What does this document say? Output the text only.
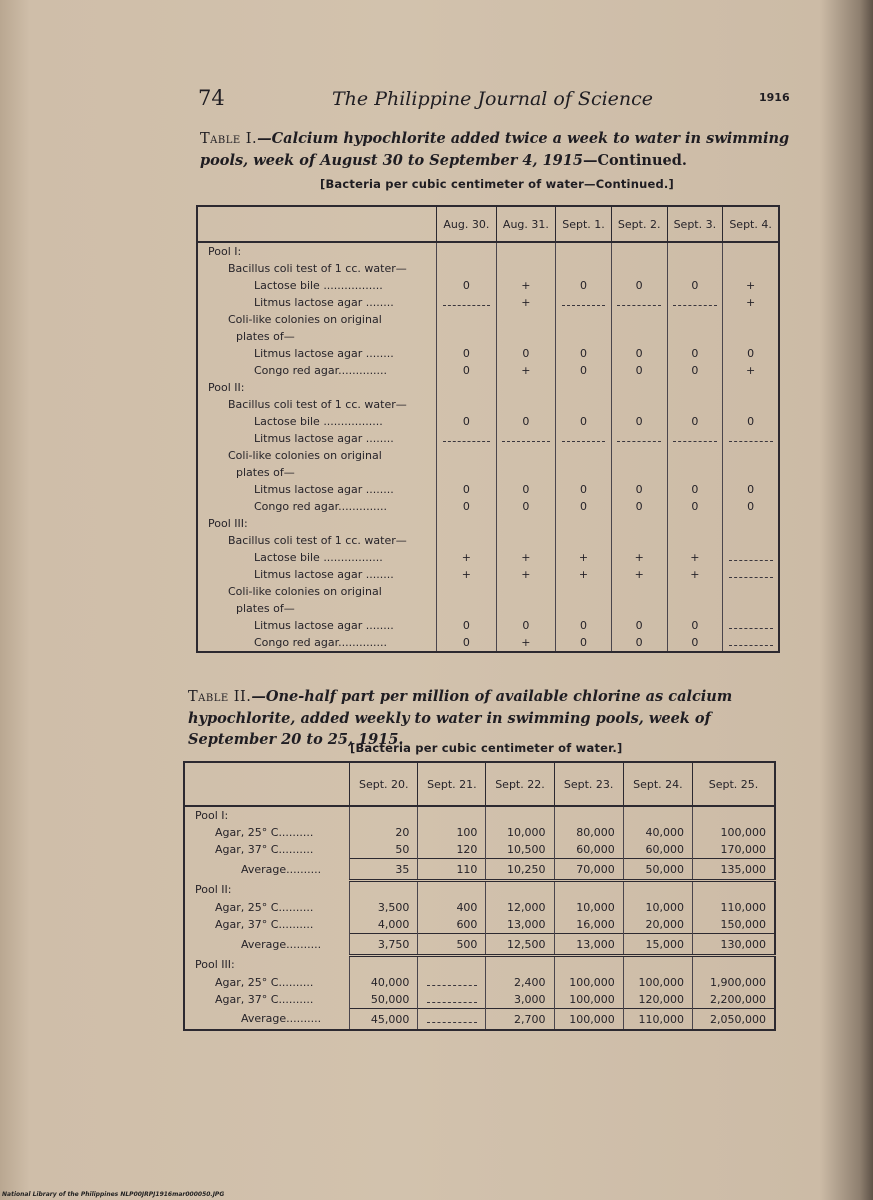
74	The Philippine Journal of Science	1916
Table I.—Calcium hypochlorite added twice a week to water in swimming pools, week of August 30 to September 4, 1915—Continued.
[Bacteria per cubic centimeter of water—Continued.]
	Aug. 30.	Aug. 31.	Sept. 1.	Sept. 2.	Sept. 3.	Sept. 4.
Pool I:						
Bacillus coli test of 1 cc. water—						
Lactose bile .................	0	+	0	0	0	+
Litmus lactose agar ........		+				+
Coli-like colonies on original						
plates of—						
Litmus lactose agar ........	0	0	0	0	0	0
Congo red agar..............	0	+	0	0	0	+
Pool II:						
Bacillus coli test of 1 cc. water—						
Lactose bile .................	0	0	0	0	0	0
Litmus lactose agar ........						
Coli-like colonies on original						
plates of—						
Litmus lactose agar ........	0	0	0	0	0	0
Congo red agar..............	0	0	0	0	0	0
Pool III:						
Bacillus coli test of 1 cc. water—						
Lactose bile .................	+	+	+	+	+	
Litmus lactose agar ........	+	+	+	+	+	
Coli-like colonies on original						
plates of—						
Litmus lactose agar ........	0	0	0	0	0	
Congo red agar..............	0	+	0	0	0	
Table II.—One-half part per million of available chlorine as calcium hypochlorite, added weekly to water in swimming pools, week of September 20 to 25, 1915.
[Bacteria per cubic centimeter of water.]
	Sept. 20.	Sept. 21.	Sept. 22.	Sept. 23.	Sept. 24.	Sept. 25.
Pool I:						
Agar, 25° C..........	20	100	10,000	80,000	40,000	100,000
Agar, 37° C..........	50	120	10,500	60,000	60,000	170,000
Average..........	35	110	10,250	70,000	50,000	135,000
Pool II:						
Agar, 25° C..........	3,500	400	12,000	10,000	10,000	110,000
Agar, 37° C..........	4,000	600	13,000	16,000	20,000	150,000
Average..........	3,750	500	12,500	13,000	15,000	130,000
Pool III:						
Agar, 25° C..........	40,000		2,400	100,000	100,000	1,900,000
Agar, 37° C..........	50,000		3,000	100,000	120,000	2,200,000
Average..........	45,000		2,700	100,000	110,000	2,050,000
National Library of the Philippines NLP00JRPJ1916mar000050.JPG
